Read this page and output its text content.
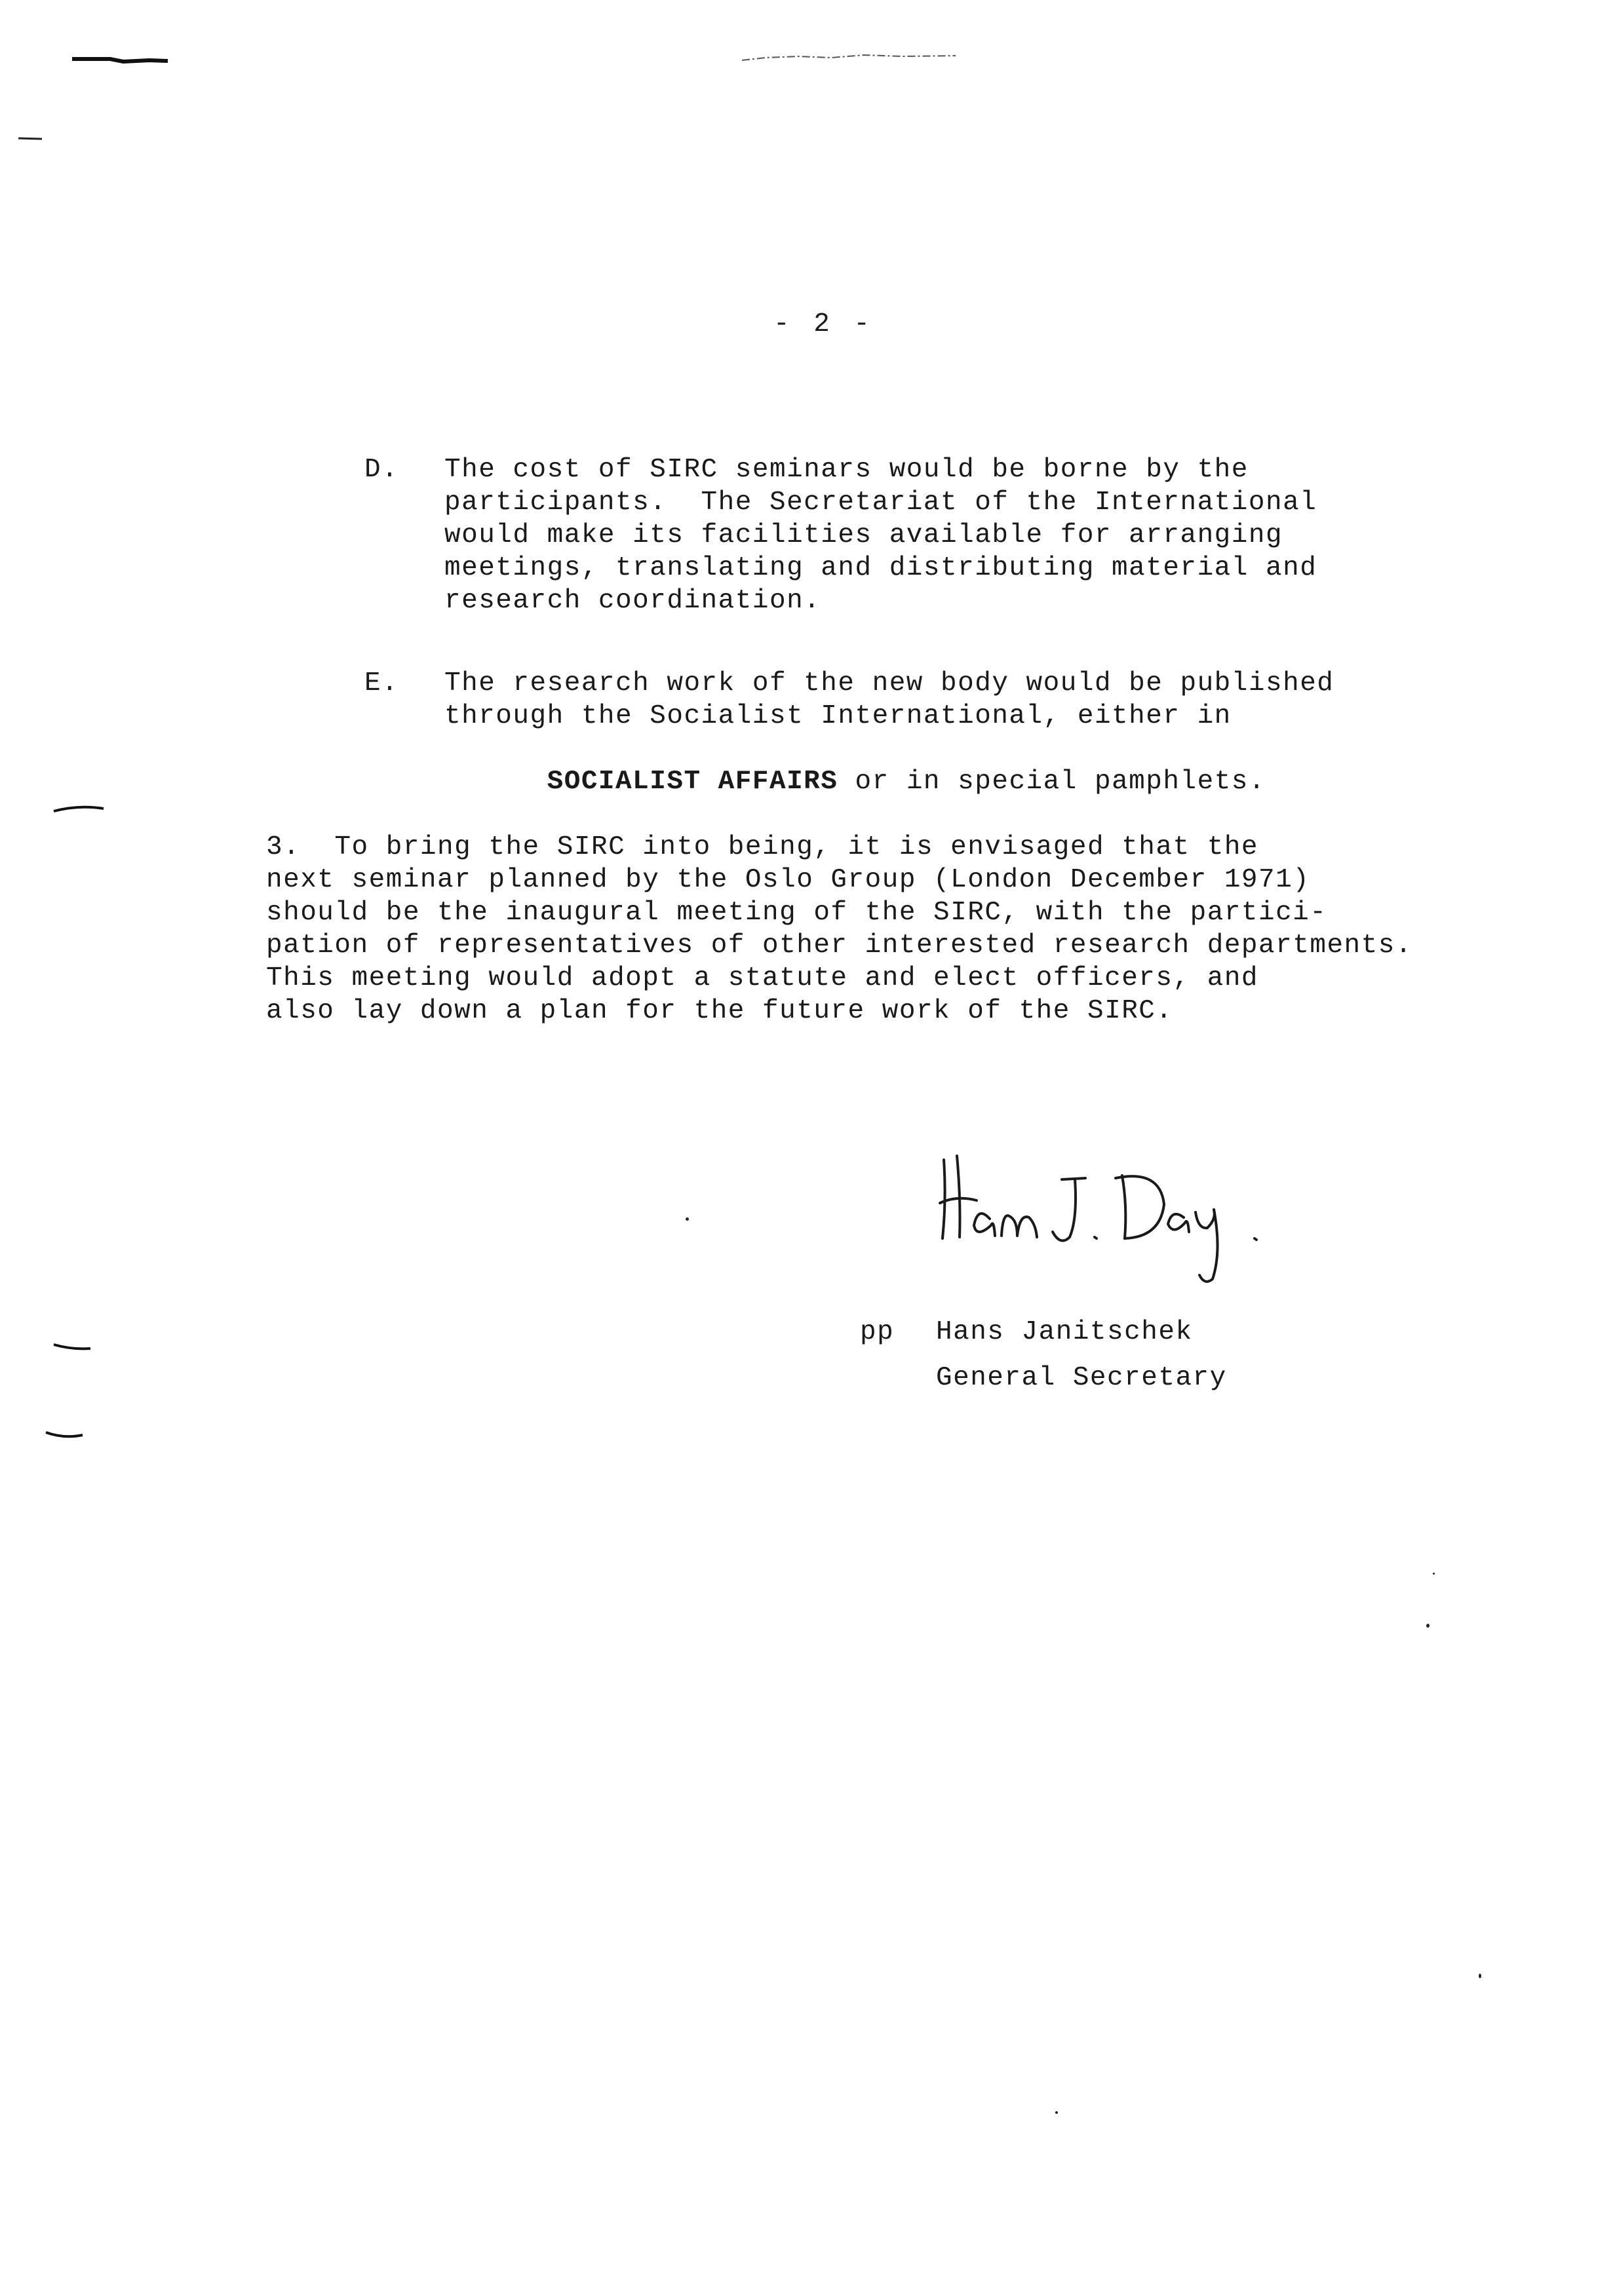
- 2 -
D. The cost of SIRC seminars would be borne by the
participants.  The Secretariat of the International
would make its facilities available for arranging
meetings, translating and distributing material and
research coordination.
E. The research work of the new body would be published
through the Socialist International, either in

SOCIALIST AFFAIRS or in special pamphlets.

3.  To bring the SIRC into being, it is envisaged that the
next seminar planned by the Oslo Group (London December 1971)
should be the inaugural meeting of the SIRC, with the partici-
pation of representatives of other interested research departments.
This meeting would adopt a statute and elect officers, and
also lay down a plan for the future work of the SIRC.
pp Hans Janitschek
General Secretary
